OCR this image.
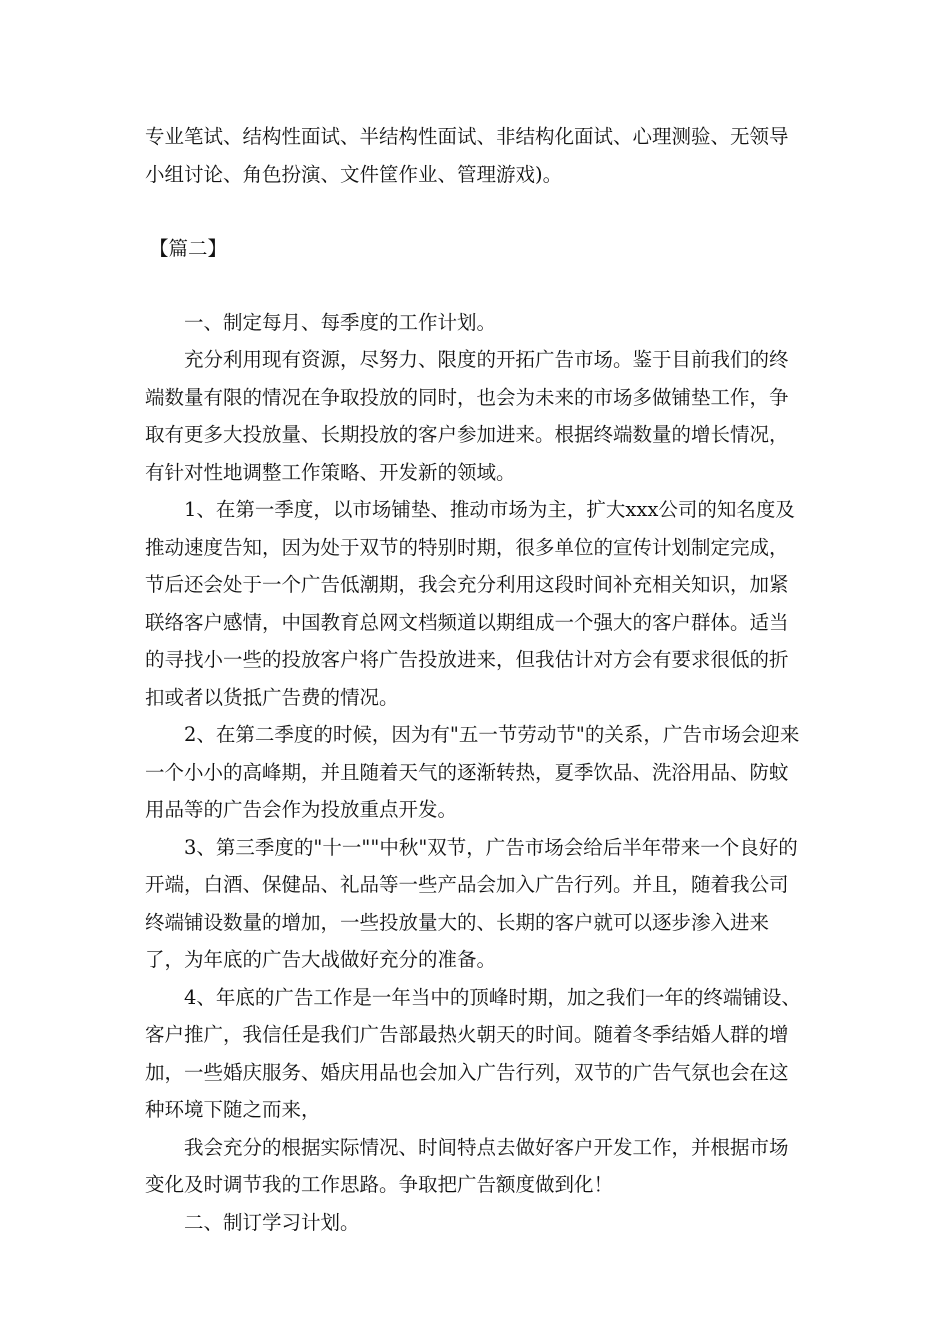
专业笔试、结构性面试、半结构性面试、非结构化面试、心理测验、无领导小组讨论、角色扮演、文件筐作业、管理游戏)。

【篇二】

一、制定每月、每季度的工作计划。

充分利用现有资源，尽努力、限度的开拓广告市场。鉴于目前我们的终端数量有限的情况在争取投放的同时，也会为未来的市场多做铺垫工作，争取有更多大投放量、长期投放的客户参加进来。根据终端数量的增长情况，有针对性地调整工作策略、开发新的领域。

1、在第一季度，以市场铺垫、推动市场为主，扩大xxx公司的知名度及推动速度告知，因为处于双节的特别时期，很多单位的宣传计划制定完成，节后还会处于一个广告低潮期，我会充分利用这段时间补充相关知识，加紧联络客户感情，中国教育总网文档频道以期组成一个强大的客户群体。适当的寻找小一些的投放客户将广告投放进来，但我估计对方会有要求很低的折扣或者以货抵广告费的情况。

2、在第二季度的时候，因为有"五一节劳动节"的关系，广告市场会迎来一个小小的高峰期，并且随着天气的逐渐转热，夏季饮品、洗浴用品、防蚊用品等的广告会作为投放重点开发。

3、第三季度的"十一""中秋"双节，广告市场会给后半年带来一个良好的开端，白酒、保健品、礼品等一些产品会加入广告行列。并且，随着我公司终端铺设数量的增加，一些投放量大的、长期的客户就可以逐步渗入进来了，为年底的广告大战做好充分的准备。

4、年底的广告工作是一年当中的顶峰时期，加之我们一年的终端铺设、客户推广，我信任是我们广告部最热火朝天的时间。随着冬季结婚人群的增加，一些婚庆服务、婚庆用品也会加入广告行列，双节的广告气氛也会在这种环境下随之而来，

我会充分的根据实际情况、时间特点去做好客户开发工作，并根据市场变化及时调节我的工作思路。争取把广告额度做到化！

二、制订学习计划。
